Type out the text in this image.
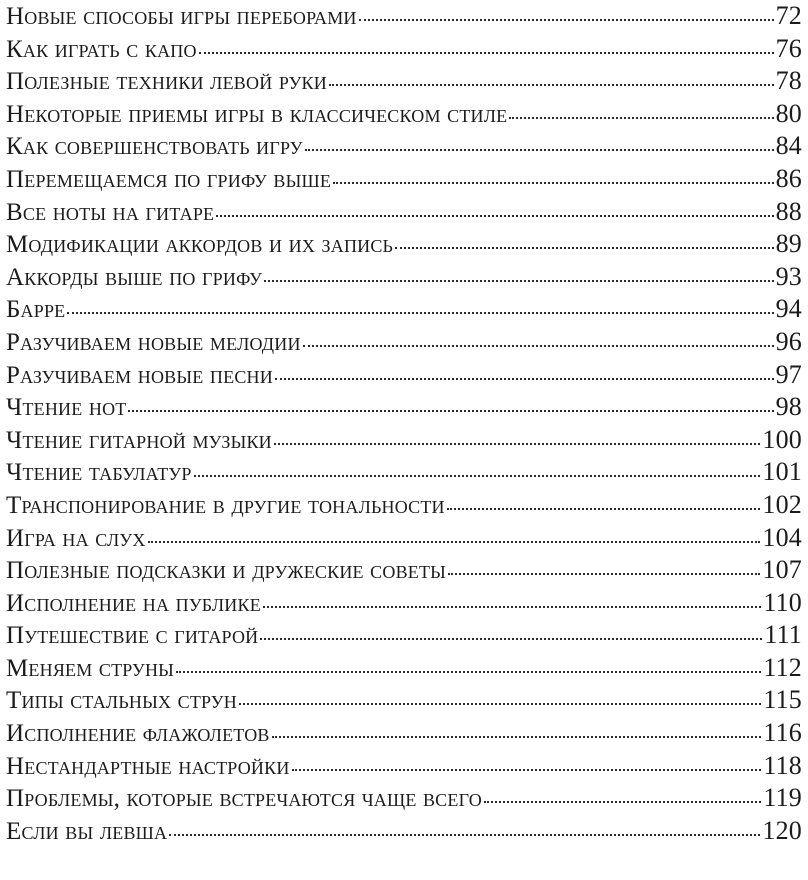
Новые способы игры переборами	72
Как играть с капо	76
Полезные техники левой руки	78
Некоторые приемы игры в классическом стиле	80
Как совершенствовать игру	84
Перемещаемся по грифу выше	86
Все ноты на гитаре	88
Модификации аккордов и их запись	89
Аккорды выше по грифу	93
Барре	94
Разучиваем новые мелодии	96
Разучиваем новые песни	97
Чтение нот	98
Чтение гитарной музыки	100
Чтение табулатур	101
Транспонирование в другие тональности	102
Игра на слух	104
Полезные подсказки и дружеские советы	107
Исполнение на публике	110
Путешествие с гитарой	111
Меняем струны	112
Типы стальных струн	115
Исполнение флажолетов	116
Нестандартные настройки	118
Проблемы, которые встречаются чаще всего	119
Если вы левша	120
